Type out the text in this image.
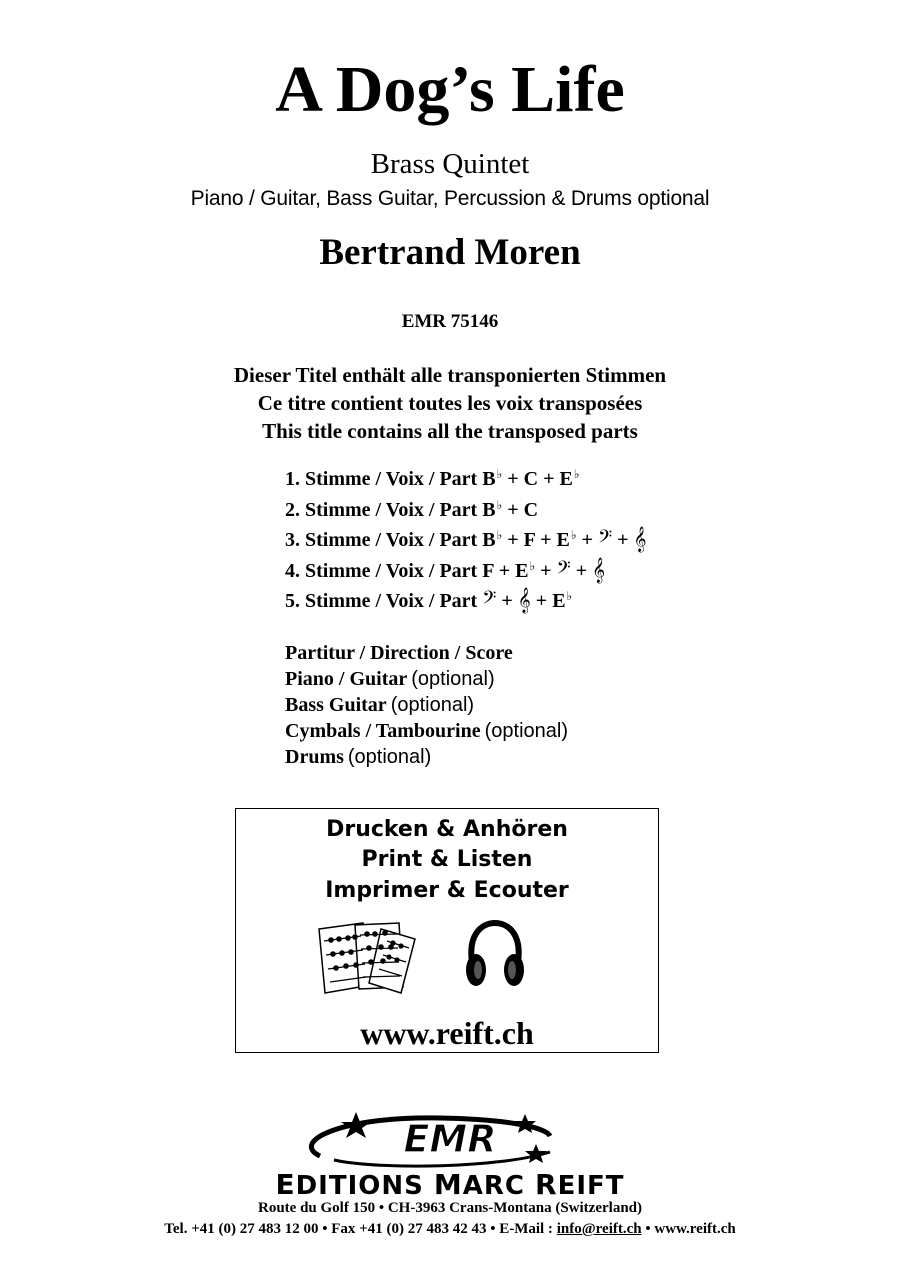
A Dog’s Life
Brass Quintet
Piano / Guitar, Bass Guitar, Percussion & Drums optional
Bertrand Moren
EMR 75146
Dieser Titel enthält alle transponierten Stimmen
Ce titre contient toutes les voix transposées
This title contains all the transposed parts
1. Stimme / Voix / Part B♭ + C + E♭
2. Stimme / Voix / Part B♭ + C
3. Stimme / Voix / Part B♭ + F + E♭ + 𝄢 + 𝄞
4. Stimme / Voix / Part F + E♭ + 𝄢 + 𝄞
5. Stimme / Voix / Part 𝄢 + 𝄞 + E♭
Partitur / Direction / Score
Piano / Guitar (optional)
Bass Guitar (optional)
Cymbals / Tambourine (optional)
Drums (optional)
Drucken & Anhören
Print & Listen
Imprimer & Ecouter
www.reift.ch
EMR
EDITIONS MARC REIFT
Route du Golf 150 • CH-3963 Crans-Montana (Switzerland)
Tel. +41 (0) 27 483 12 00 • Fax +41 (0) 27 483 42 43 • E-Mail : info@reift.ch • www.reift.ch
